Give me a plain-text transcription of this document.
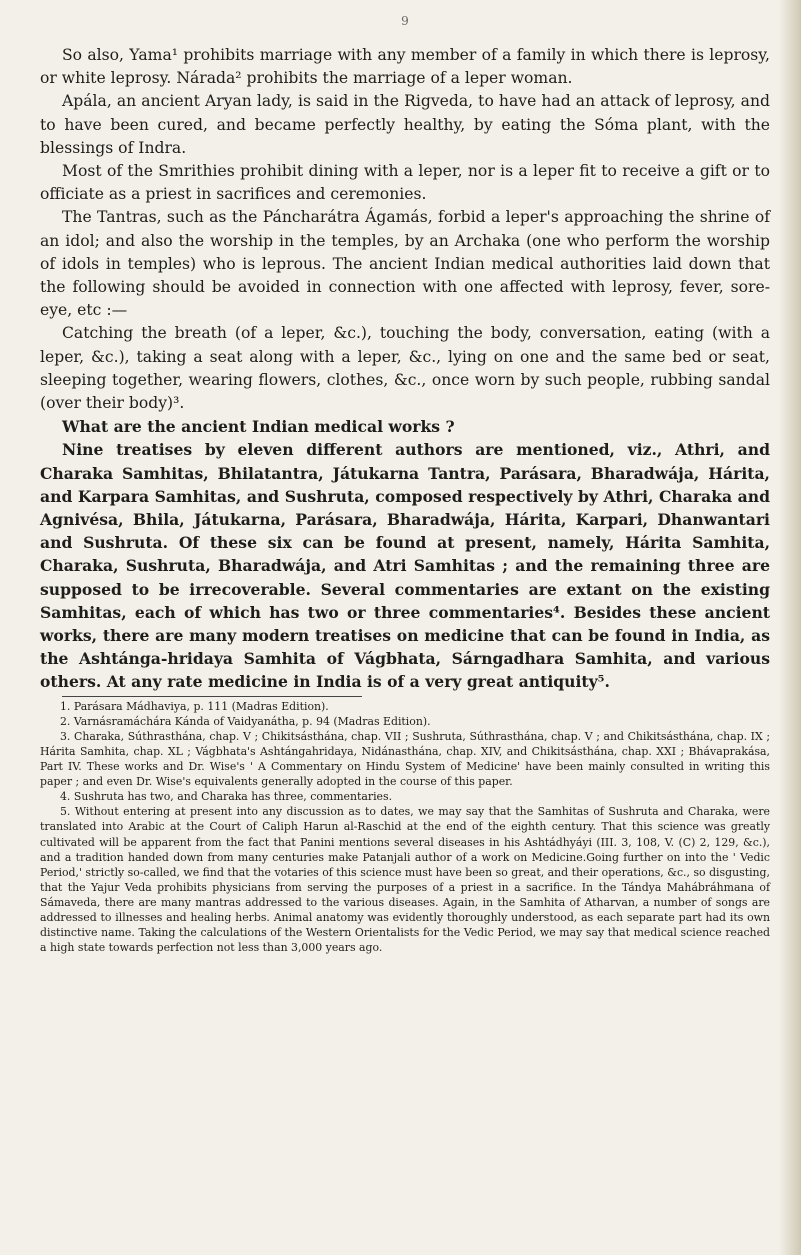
9

So also, Yama¹ prohibits marriage with any member of a family in which there is leprosy, or white leprosy. Nárada² prohibits the marriage of a leper woman.

Apála, an ancient Aryan lady, is said in the Rigveda, to have had an attack of leprosy, and to have been cured, and became perfectly healthy, by eating the Sóma plant, with the blessings of Indra.

Most of the Smrithies prohibit dining with a leper, nor is a leper fit to receive a gift or to officiate as a priest in sacrifices and ceremonies.

The Tantras, such as the Páncharátra Ágamás, forbid a leper's approaching the shrine of an idol; and also the worship in the temples, by an Archaka (one who perform the worship of idols in temples) who is leprous. The ancient Indian medical authorities laid down that the following should be avoided in connection with one affected with leprosy, fever, sore-eye, etc :—

Catching the breath (of a leper, &c.), touching the body, conversation, eating (with a leper, &c.), taking a seat along with a leper, &c., lying on one and the same bed or seat, sleeping together, wearing flowers, clothes, &c., once worn by such people, rubbing sandal (over their body)³.

What are the ancient Indian medical works ?

Nine treatises by eleven different authors are mentioned, viz., Athri, and Charaka Samhitas, Bhilatantra, Játukarna Tantra, Parásara, Bharadwája, Hárita, and Karpara Samhitas, and Sushruta, composed respectively by Athri, Charaka and Agnivésa, Bhila, Játukarna, Parásara, Bharadwája, Hárita, Karpari, Dhanwantari and Sushruta. Of these six can be found at present, namely, Hárita Samhita, Charaka, Sushruta, Bharadwája, and Atri Samhitas ; and the remaining three are supposed to be irrecoverable. Several commentaries are extant on the existing Samhitas, each of which has two or three commentaries⁴. Besides these ancient works, there are many modern treatises on medicine that can be found in India, as the Ashtánga-hridaya Samhita of Vágbhata, Sárngadhara Samhita, and various others. At any rate medicine in India is of a very great antiquity⁵.

1. Parásara Mádhaviya, p. 111 (Madras Edition).

2. Varnásramáchára Kánda of Vaidyanátha, p. 94 (Madras Edition).

3. Charaka, Súthrasthána, chap. V ; Chikitsásthána, chap. VII ; Sushruta, Súthrasthána, chap. V ; and Chikitsásthána, chap. IX ; Hárita Samhita, chap. XL ; Vágbhata's Ashtángahridaya, Nidánasthána, chap. XIV, and Chikitsásthána, chap. XXI ; Bhávaprakása, Part IV. These works and Dr. Wise's ' A Commentary on Hindu System of Medicine' have been mainly consulted in writing this paper ; and even Dr. Wise's equivalents generally adopted in the course of this paper.

4. Sushruta has two, and Charaka has three, commentaries.

5. Without entering at present into any discussion as to dates, we may say that the Samhitas of Sushruta and Charaka, were translated into Arabic at the Court of Caliph Harun al-Raschid at the end of the eighth century. That this science was greatly cultivated will be apparent from the fact that Panini mentions several diseases in his Ashtádhyáyi (III. 3, 108, V. (C) 2, 129, &c.), and a tradition handed down from many centuries make Patanjali author of a work on Medicine.Going further on into the ' Vedic Period,' strictly so-called, we find that the votaries of this science must have been so great, and their operations, &c., so disgusting, that the Yajur Veda prohibits physicians from serving the purposes of a priest in a sacrifice. In the Tándya Mahábráhmana of Sámaveda, there are many mantras addressed to the various diseases. Again, in the Samhita of Atharvan, a number of songs are addressed to illnesses and healing herbs. Animal anatomy was evidently thoroughly understood, as each separate part had its own distinctive name. Taking the calculations of the Western Orientalists for the Vedic Period, we may say that medical science reached a high state towards perfection not less than 3,000 years ago.
